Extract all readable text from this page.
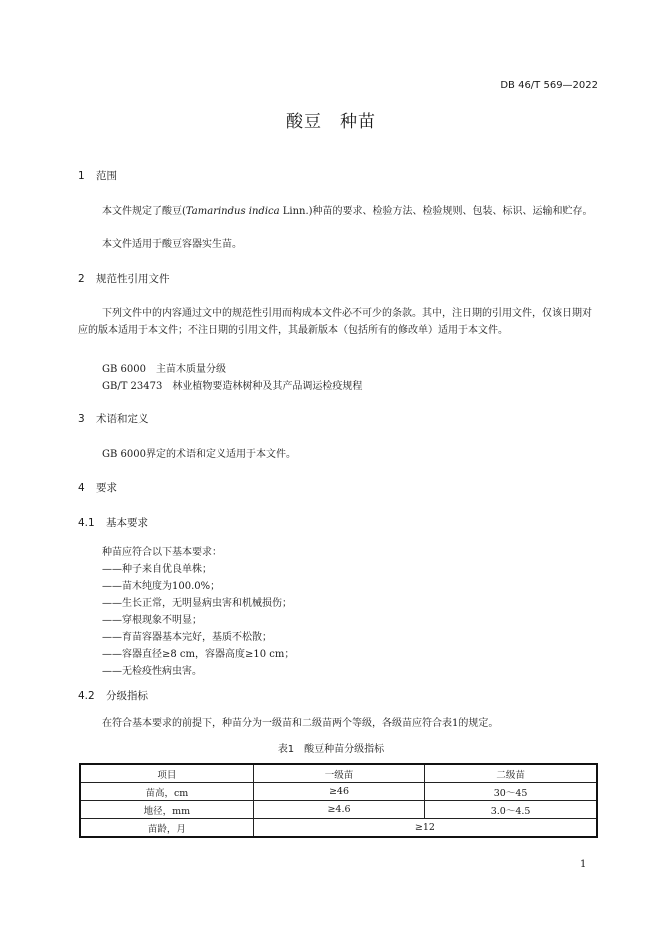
DB 46/T 569—2022
酸豆　种苗
1 范围
本文件规定了酸豆(Tamarindus indica Linn.)种苗的要求、检验方法、检验规则、包装、标识、运输和贮存。
本文件适用于酸豆容器实生苗。
2 规范性引用文件
下列文件中的内容通过文中的规范性引用而构成本文件必不可少的条款。其中，注日期的引用文件，仅该日期对应的版本适用于本文件；不注日期的引用文件，其最新版本（包括所有的修改单）适用于本文件。
GB 6000　主苗木质量分级
GB/T 23473　林业植物要造林树种及其产品调运检疫规程
3 术语和定义
GB 6000界定的术语和定义适用于本文件。
4 要求
4.1 基本要求
种苗应符合以下基本要求：
——种子来自优良单株；
——苗木纯度为100.0%；
——生长正常，无明显病虫害和机械损伤；
——穿根现象不明显；
——育苗容器基本完好，基质不松散；
——容器直径≥8 cm，容器高度≥10 cm；
——无检疫性病虫害。
4.2 分级指标
在符合基本要求的前提下，种苗分为一级苗和二级苗两个等级，各级苗应符合表1的规定。
表1　酸豆种苗分级指标
项目	一级苗	二级苗
苗高，cm	≥46	30～45
地径，mm	≥4.6	3.0～4.5
苗龄，月	≥12	
1
